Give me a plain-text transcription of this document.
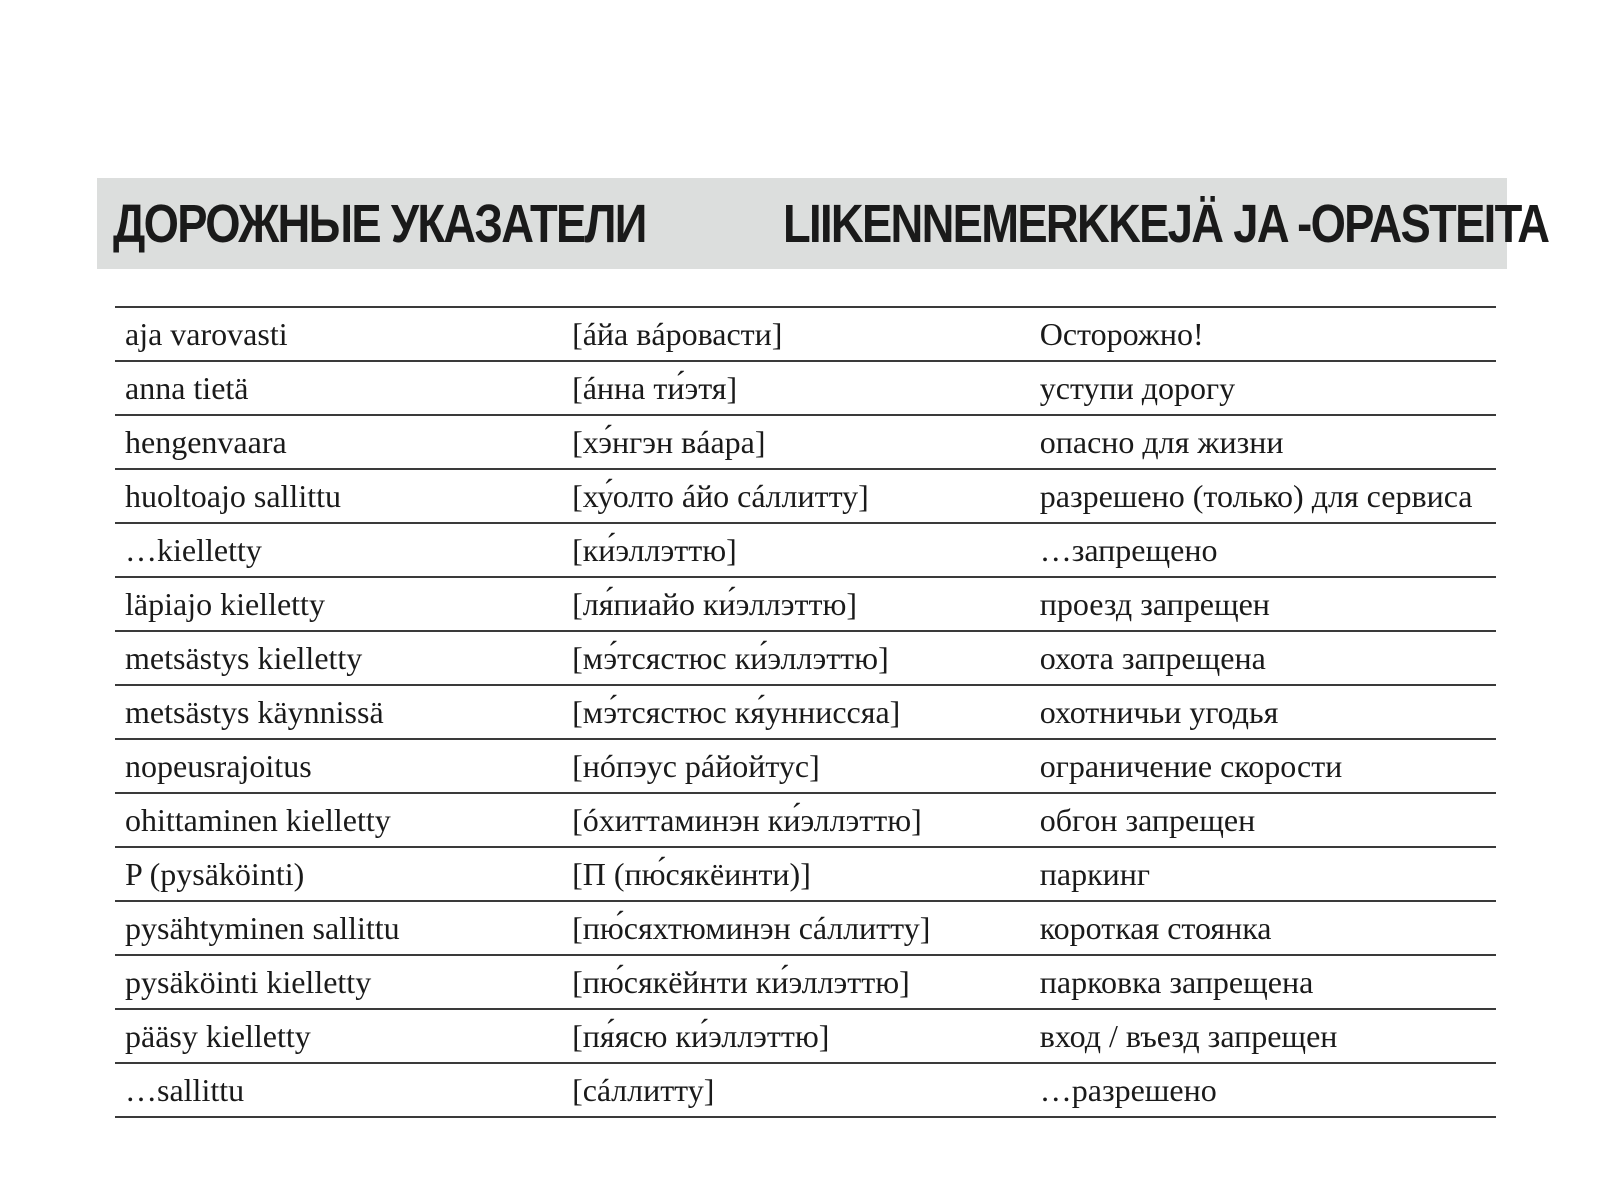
ДОРОЖНЫЕ УКАЗАТЕЛИ	LIIKENNEMERKKEJÄ JA -OPASTEITA
aja varovasti	[áйа вáровасти]	Осторожно!
anna tietä	[áнна ти́этя]	уступи дорогу
hengenvaara	[хэ́нгэн вáара]	опасно для жизни
huoltoajo sallittu	[ху́олто áйо сáллитту]	разрешено (только) для сервиса
…kielletty	[ки́эллэттю]	…запрещено
läpiajo kielletty	[ля́пиайо ки́эллэттю]	проезд запрещен
metsästys kielletty	[мэ́тсястюс ки́эллэттю]	охота запрещена
metsästys käynnissä	[мэ́тсястюс кя́унниссяа]	охотничьи угодья
nopeusrajoitus	[нóпэус рáйойтус]	ограничение скорости
ohittaminen kielletty	[óхиттаминэн ки́эллэттю]	обгон запрещен
P (pysäköinti)	[П (пю́сякёинти)]	паркинг
pysähtyminen sallittu	[пю́сяхтюминэн сáллитту]	короткая стоянка
pysäköinti kielletty	[пю́сякёйнти ки́эллэттю]	парковка запрещена
pääsy kielletty	[пя́ясю ки́эллэттю]	вход / въезд запрещен
…sallittu	[сáллитту]	…разрешено
